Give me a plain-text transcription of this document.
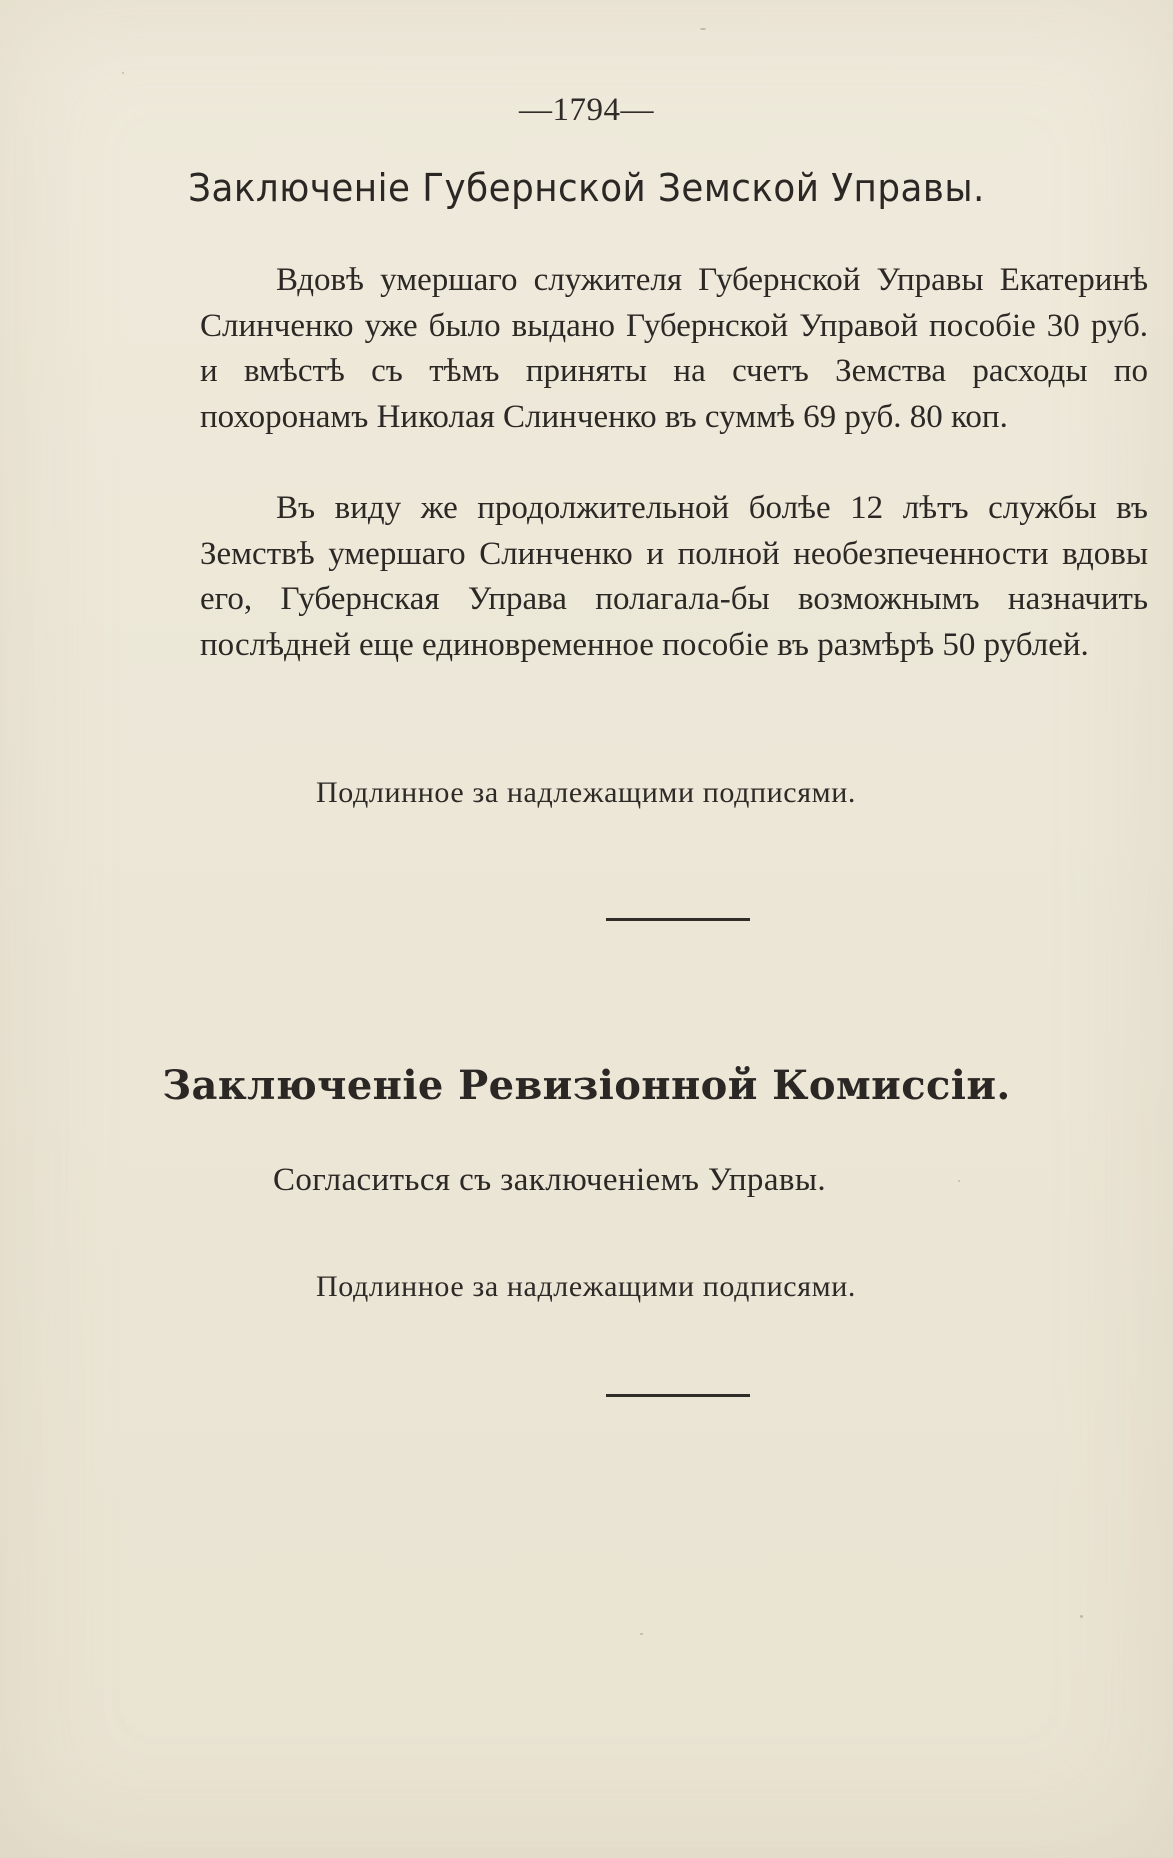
—1794—
Заключеніе Губернской Земской Управы.

Вдовѣ умершаго служителя Губернской Управы Екатеринѣ Слинченко уже было выдано Губернской Управой пособіе 30 руб. и вмѣстѣ съ тѣмъ приняты на счетъ Земства расходы по похоронамъ Николая Слинченко въ суммѣ 69 руб. 80 коп.

Въ виду же продолжительной болѣе 12 лѣтъ службы въ Земствѣ умершаго Слинченко и полной необезпеченности вдовы его, Губернская Управа полагала-бы возможнымъ назначить послѣдней еще единовременное пособіе въ размѣрѣ 50 рублей.

Подлинное за надлежащими подписями.
Заключеніе Ревизіонной Комиссіи.
Согласиться съ заключеніемъ Управы.
Подлинное за надлежащими подписями.
